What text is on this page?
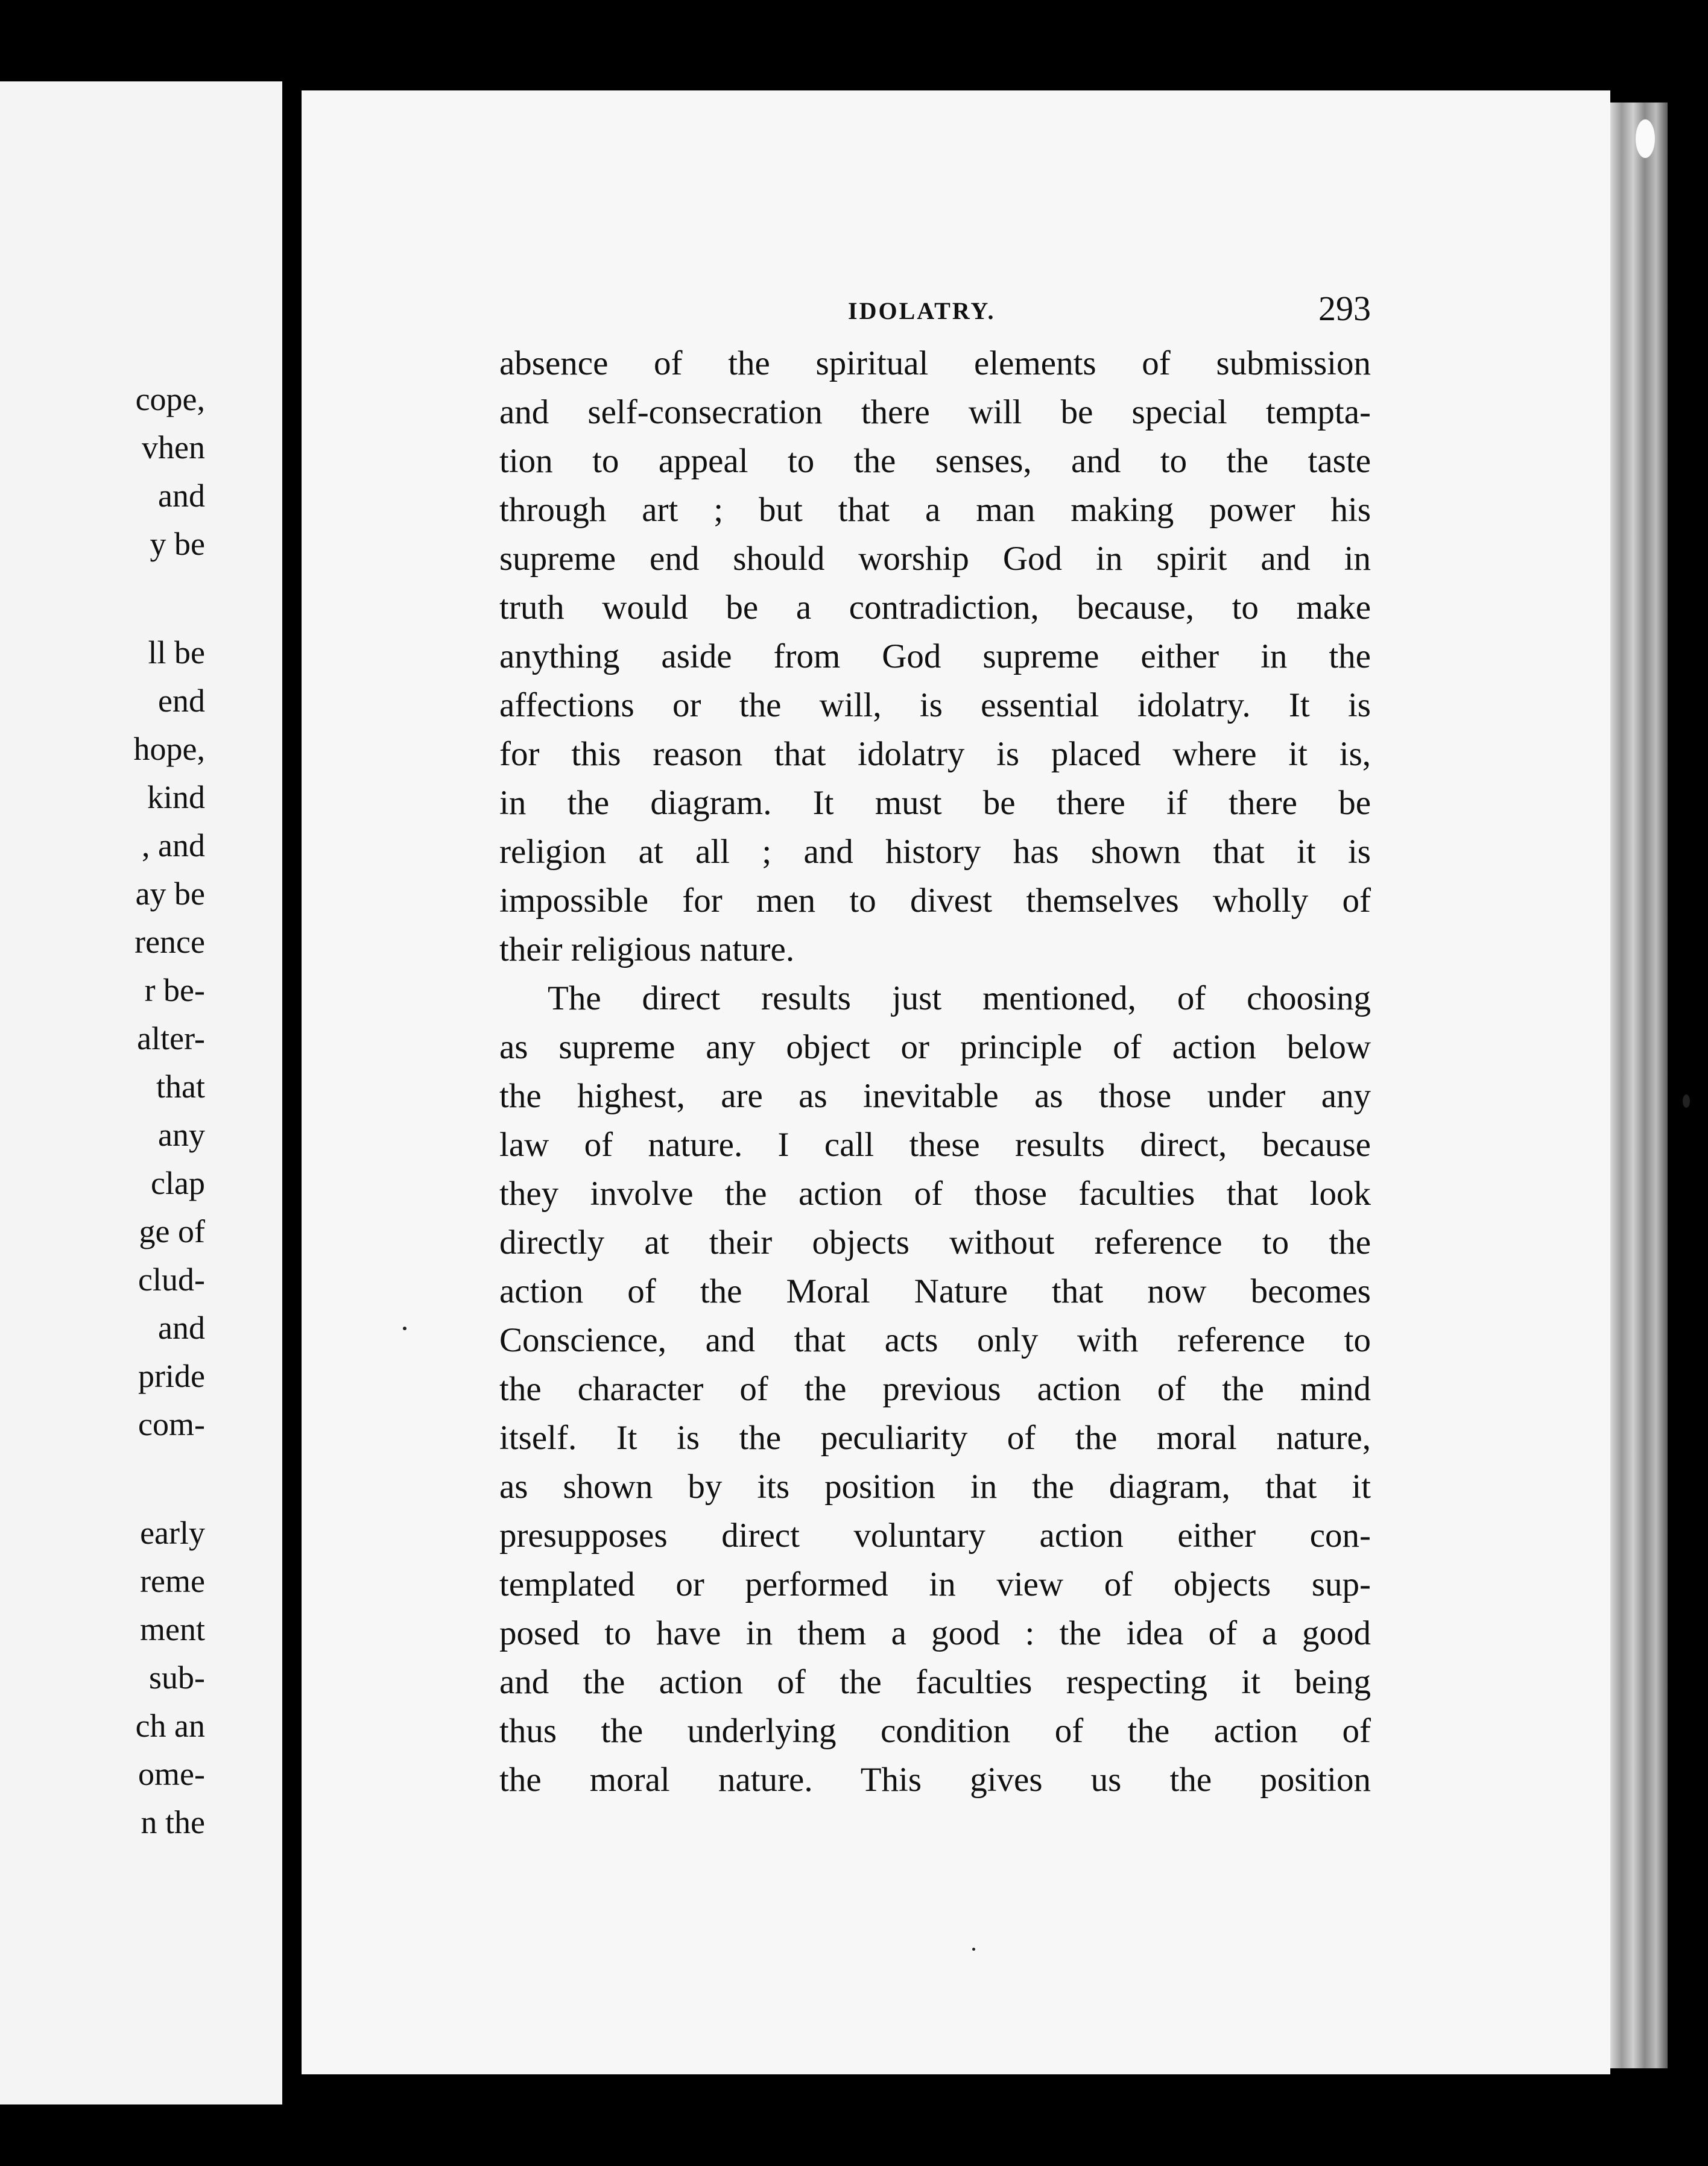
cope,
vhen
and
y be
ll be
end
hope,
kind
, and
ay be
rence
r be-
alter-
that
any
clap
ge of
clud-
and
pride
com-
early
reme
ment
sub-
ch an
ome-
n the
IDOLATRY.	293
absence of the spiritual elements of submission
and self-consecration there will be special tempta-
tion to appeal to the senses, and to the taste
through art ; but that a man making power his
supreme end should worship God in spirit and in
truth would be a contradiction, because, to make
anything aside from God supreme either in the
affections or the will, is essential idolatry. It is
for this reason that idolatry is placed where it is,
in the diagram. It must be there if there be
religion at all ; and history has shown that it is
impossible for men to divest themselves wholly of
their religious nature.
The direct results just mentioned, of choosing
as supreme any object or principle of action below
the highest, are as inevitable as those under any
law of nature. I call these results direct, because
they involve the action of those faculties that look
directly at their objects without reference to the
action of the Moral Nature that now becomes
Conscience, and that acts only with reference to
the character of the previous action of the mind
itself. It is the peculiarity of the moral nature,
as shown by its position in the diagram, that it
presupposes direct voluntary action either con-
templated or performed in view of objects sup-
posed to have in them a good : the idea of a good
and the action of the faculties respecting it being
thus the underlying condition of the action of
the moral nature. This gives us the position
